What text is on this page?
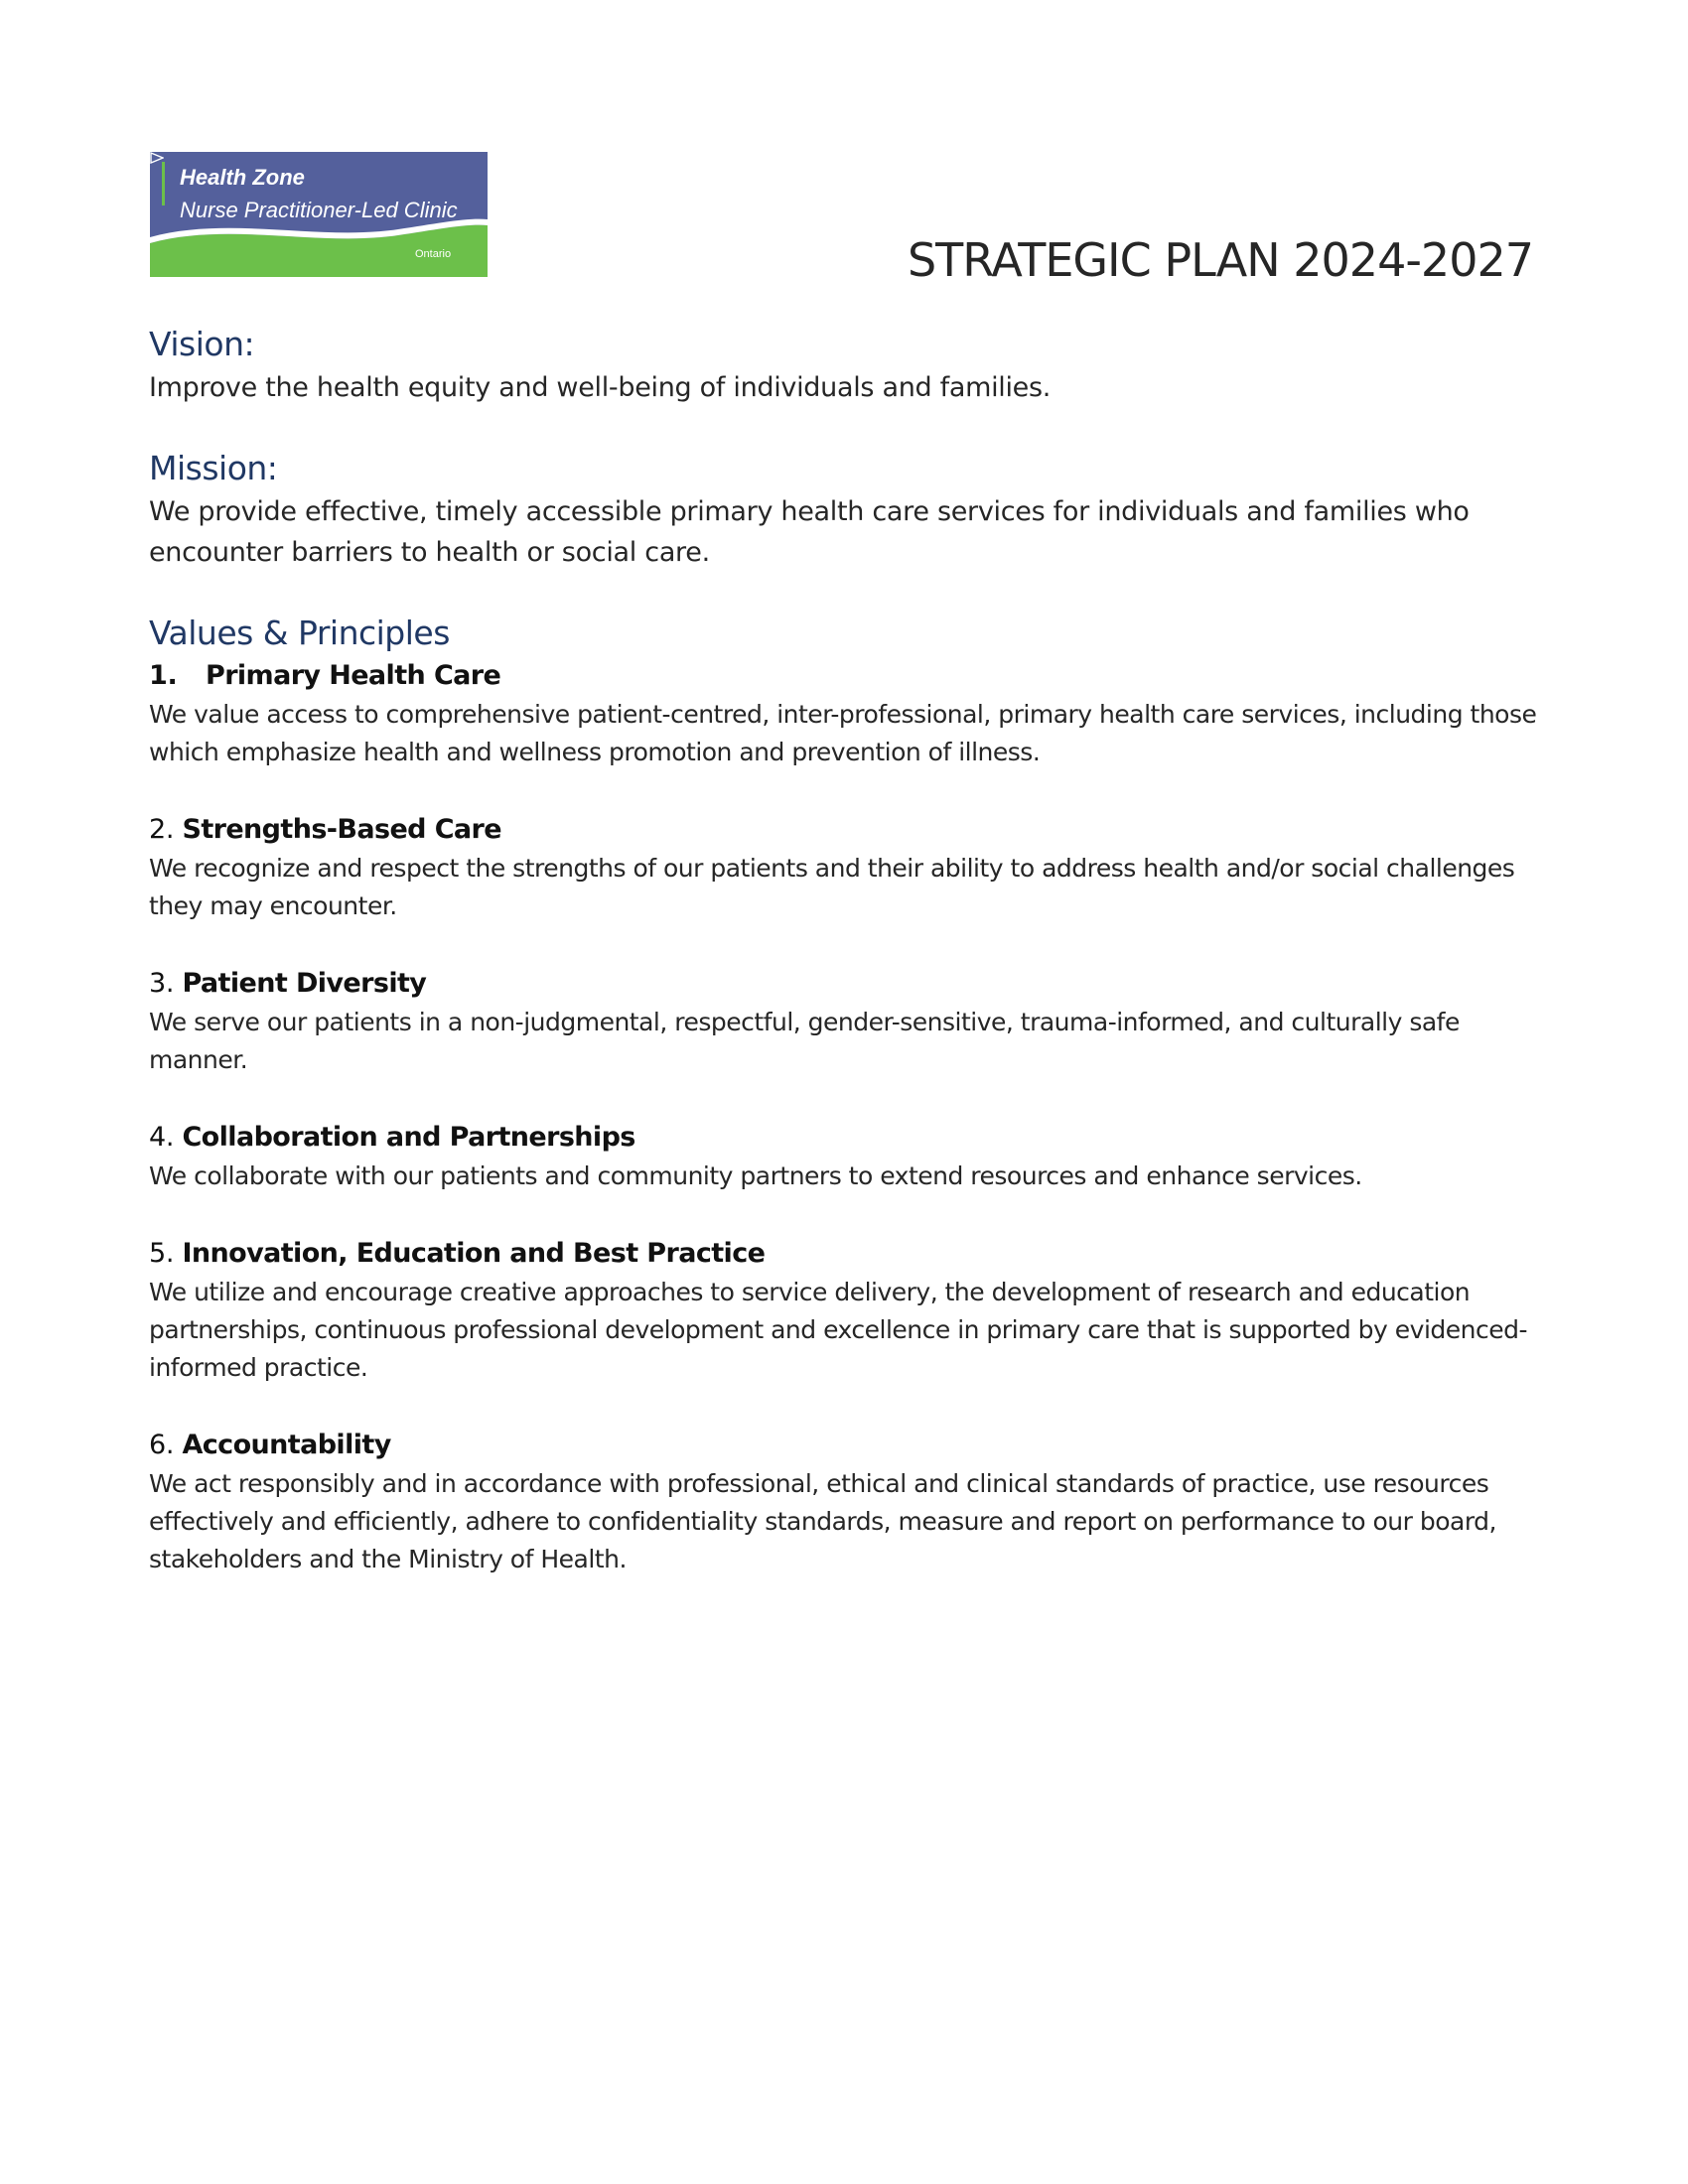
Health Zone
Nurse Practitioner-Led Clinic
Ontario	STRATEGIC PLAN 2024-2027
Vision:

Improve the health equity and well-being of individuals and families.

Mission:

We provide effective, timely accessible primary health care services for individuals and families who encounter barriers to health or social care.

Values & Principles

1. Primary Health Care

We value access to comprehensive patient-centred, inter-professional, primary health care services, including those which emphasize health and wellness promotion and prevention of illness.

2. Strengths-Based Care

We recognize and respect the strengths of our patients and their ability to address health and/or social challenges they may encounter.

3. Patient Diversity

We serve our patients in a non-judgmental, respectful, gender-sensitive, trauma-informed, and culturally safe manner.

4. Collaboration and Partnerships

We collaborate with our patients and community partners to extend resources and enhance services.

5. Innovation, Education and Best Practice

We utilize and encourage creative approaches to service delivery, the development of research and education partnerships, continuous professional development and excellence in primary care that is supported by evidenced-informed practice.

6. Accountability

We act responsibly and in accordance with professional, ethical and clinical standards of practice, use resources effectively and efficiently, adhere to confidentiality standards, measure and report on performance to our board, stakeholders and the Ministry of Health.
